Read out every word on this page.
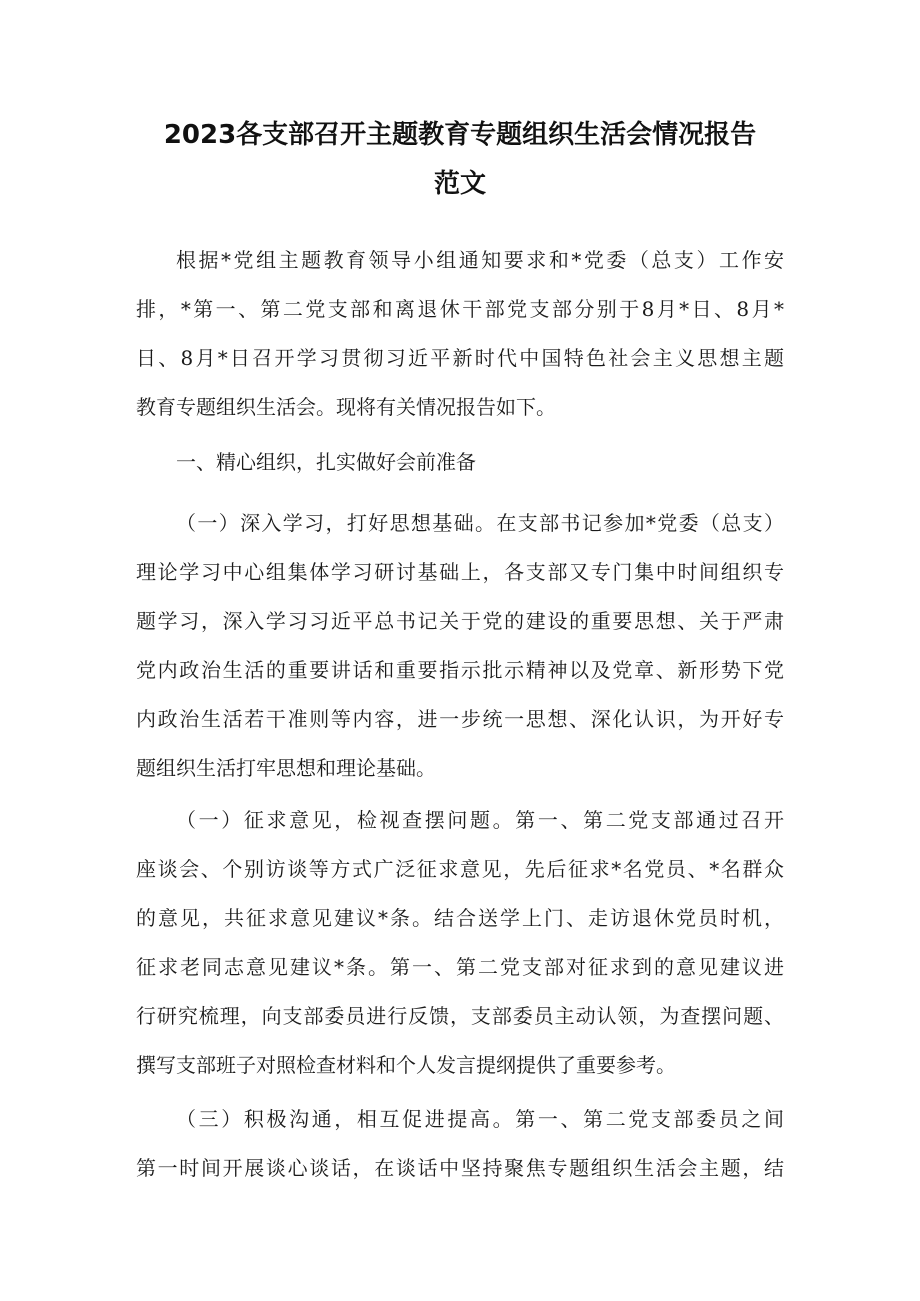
2023各支部召开主题教育专题组织生活会情况报告
范文
根据*党组主题教育领导小组通知要求和*党委（总支）工作安
排，*第一、第二党支部和离退休干部党支部分别于8月*日、8月*
日、8月*日召开学习贯彻习近平新时代中国特色社会主义思想主题
教育专题组织生活会。现将有关情况报告如下。
一、精心组织，扎实做好会前准备
（一）深入学习，打好思想基础。在支部书记参加*党委（总支）
理论学习中心组集体学习研讨基础上，各支部又专门集中时间组织专
题学习，深入学习习近平总书记关于党的建设的重要思想、关于严肃
党内政治生活的重要讲话和重要指示批示精神以及党章、新形势下党
内政治生活若干准则等内容，进一步统一思想、深化认识，为开好专
题组织生活打牢思想和理论基础。
（一）征求意见，检视查摆问题。第一、第二党支部通过召开
座谈会、个别访谈等方式广泛征求意见，先后征求*名党员、*名群众
的意见，共征求意见建议*条。结合送学上门、走访退休党员时机，
征求老同志意见建议*条。第一、第二党支部对征求到的意见建议进
行研究梳理，向支部委员进行反馈，支部委员主动认领，为查摆问题、
撰写支部班子对照检查材料和个人发言提纲提供了重要参考。
（三）积极沟通，相互促进提高。第一、第二党支部委员之间
第一时间开展谈心谈话，在谈话中坚持聚焦专题组织生活会主题，结
